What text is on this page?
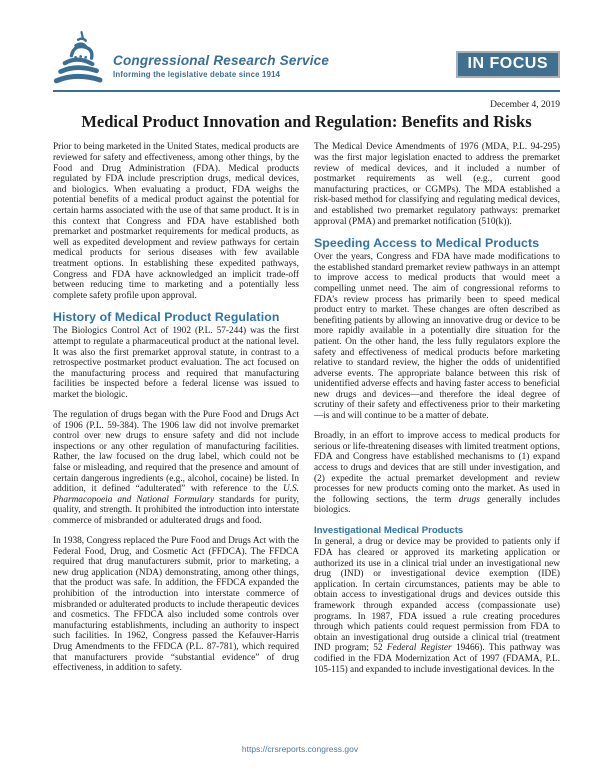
Congressional Research Service
Informing the legislative debate since 1914
IN FOCUS
December 4, 2019
Medical Product Innovation and Regulation: Benefits and Risks

Prior to being marketed in the United States, medical products are reviewed for safety and effectiveness, among other things, by the Food and Drug Administration (FDA). Medical products regulated by FDA include prescription drugs, medical devices, and biologics. When evaluating a product, FDA weighs the potential benefits of a medical product against the potential for certain harms associated with the use of that same product. It is in this context that Congress and FDA have established both premarket and postmarket requirements for medical products, as well as expedited development and review pathways for certain medical products for serious diseases with few available treatment options. In establishing these expedited pathways, Congress and FDA have acknowledged an implicit trade-off between reducing time to marketing and a potentially less complete safety profile upon approval.

History of Medical Product Regulation

The Biologics Control Act of 1902 (P.L. 57-244) was the first attempt to regulate a pharmaceutical product at the national level. It was also the first premarket approval statute, in contrast to a retrospective postmarket product evaluation. The act focused on the manufacturing process and required that manufacturing facilities be inspected before a federal license was issued to market the biologic.

The regulation of drugs began with the Pure Food and Drugs Act of 1906 (P.L. 59-384). The 1906 law did not involve premarket control over new drugs to ensure safety and did not include inspections or any other regulation of manufacturing facilities. Rather, the law focused on the drug label, which could not be false or misleading, and required that the presence and amount of certain dangerous ingredients (e.g., alcohol, cocaine) be listed. In addition, it defined “adulterated” with reference to the U.S. Pharmacopoeia and National Formulary standards for purity, quality, and strength. It prohibited the introduction into interstate commerce of misbranded or adulterated drugs and food.

In 1938, Congress replaced the Pure Food and Drugs Act with the Federal Food, Drug, and Cosmetic Act (FFDCA). The FFDCA required that drug manufacturers submit, prior to marketing, a new drug application (NDA) demonstrating, among other things, that the product was safe. In addition, the FFDCA expanded the prohibition of the introduction into interstate commerce of misbranded or adulterated products to include therapeutic devices and cosmetics. The FFDCA also included some controls over manufacturing establishments, including an authority to inspect such facilities. In 1962, Congress passed the Kefauver-Harris Drug Amendments to the FFDCA (P.L. 87-781), which required that manufacturers provide “substantial evidence” of drug effectiveness, in addition to safety.

The Medical Device Amendments of 1976 (MDA, P.L. 94-295) was the first major legislation enacted to address the premarket review of medical devices, and it included a number of postmarket requirements as well (e.g., current good manufacturing practices, or CGMPs). The MDA established a risk-based method for classifying and regulating medical devices, and established two premarket regulatory pathways: premarket approval (PMA) and premarket notification (510(k)).

Speeding Access to Medical Products

Over the years, Congress and FDA have made modifications to the established standard premarket review pathways in an attempt to improve access to medical products that would meet a compelling unmet need. The aim of congressional reforms to FDA’s review process has primarily been to speed medical product entry to market. These changes are often described as benefiting patients by allowing an innovative drug or device to be more rapidly available in a potentially dire situation for the patient. On the other hand, the less fully regulators explore the safety and effectiveness of medical products before marketing relative to standard review, the higher the odds of unidentified adverse events. The appropriate balance between this risk of unidentified adverse effects and having faster access to beneficial new drugs and devices—and therefore the ideal degree of scrutiny of their safety and effectiveness prior to their marketing—is and will continue to be a matter of debate.

Broadly, in an effort to improve access to medical products for serious or life-threatening diseases with limited treatment options, FDA and Congress have established mechanisms to (1) expand access to drugs and devices that are still under investigation, and (2) expedite the actual premarket development and review processes for new products coming onto the market. As used in the following sections, the term drugs generally includes biologics.

Investigational Medical Products

In general, a drug or device may be provided to patients only if FDA has cleared or approved its marketing application or authorized its use in a clinical trial under an investigational new drug (IND) or investigational device exemption (IDE) application. In certain circumstances, patients may be able to obtain access to investigational drugs and devices outside this framework through expanded access (compassionate use) programs. In 1987, FDA issued a rule creating procedures through which patients could request permission from FDA to obtain an investigational drug outside a clinical trial (treatment IND program; 52 Federal Register 19466). This pathway was codified in the FDA Modernization Act of 1997 (FDAMA, P.L. 105-115) and expanded to include investigational devices. In the

https://crsreports.congress.gov
